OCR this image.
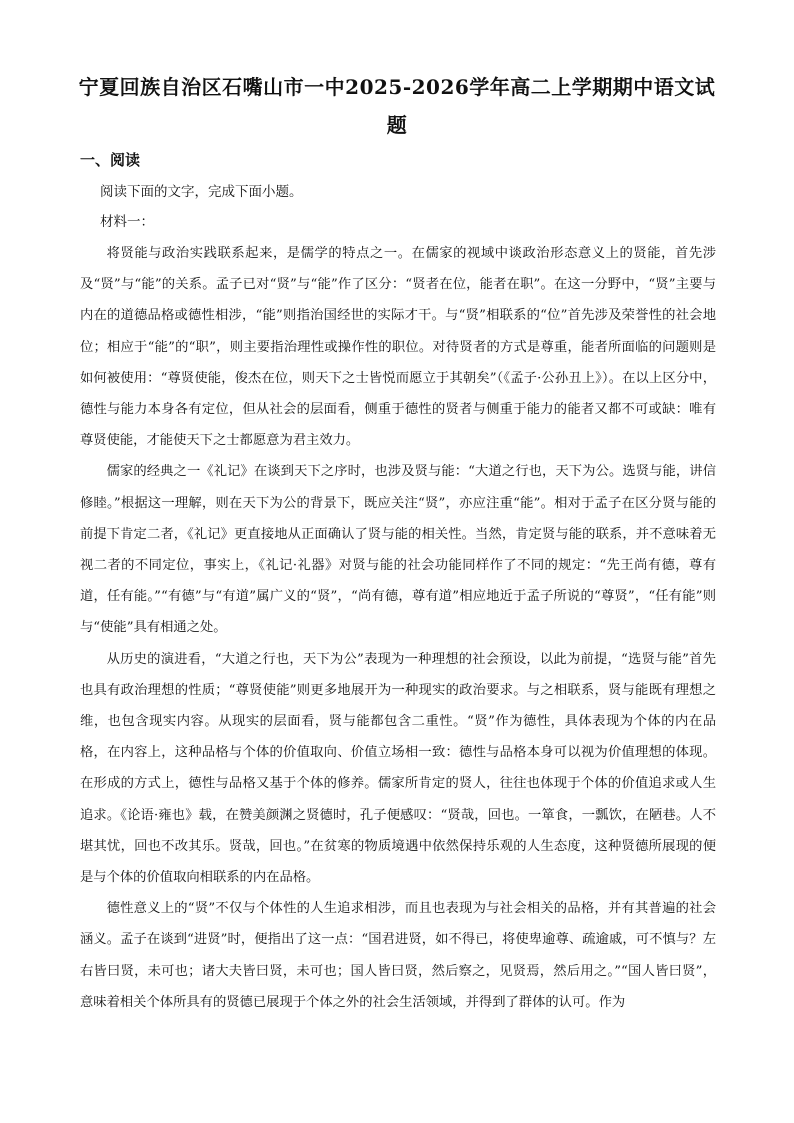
宁夏回族自治区石嘴山市一中2025-2026学年高二上学期期中语文试
题
一、阅读
阅读下面的文字，完成下面小题。
材料一：

将贤能与政治实践联系起来，是儒学的特点之一。在儒家的视域中谈政治形态意义上的贤能，首先涉及“贤”与“能”的关系。孟子已对“贤”与“能”作了区分：“贤者在位，能者在职”。在这一分野中，“贤”主要与内在的道德品格或德性相涉，“能”则指治国经世的实际才干。与“贤”相联系的“位”首先涉及荣誉性的社会地位；相应于“能”的“职”，则主要指治理性或操作性的职位。对待贤者的方式是尊重，能者所面临的问题则是如何被使用：“尊贤使能，俊杰在位，则天下之士皆悦而愿立于其朝矣”（《孟子·公孙丑上》）。在以上区分中，德性与能力本身各有定位，但从社会的层面看，侧重于德性的贤者与侧重于能力的能者又都不可或缺：唯有尊贤使能，才能使天下之士都愿意为君主效力。

儒家的经典之一《礼记》在谈到天下之序时，也涉及贤与能：“大道之行也，天下为公。选贤与能，讲信修睦。”根据这一理解，则在天下为公的背景下，既应关注“贤”，亦应注重“能”。相对于孟子在区分贤与能的前提下肯定二者，《礼记》更直接地从正面确认了贤与能的相关性。当然，肯定贤与能的联系，并不意味着无视二者的不同定位，事实上，《礼记·礼器》对贤与能的社会功能同样作了不同的规定：“先王尚有德，尊有道，任有能。”“有德”与“有道”属广义的“贤”，“尚有德，尊有道”相应地近于孟子所说的“尊贤”，“任有能”则与“使能”具有相通之处。

从历史的演进看，“大道之行也，天下为公”表现为一种理想的社会预设，以此为前提，“选贤与能”首先也具有政治理想的性质；“尊贤使能”则更多地展开为一种现实的政治要求。与之相联系，贤与能既有理想之维，也包含现实内容。从现实的层面看，贤与能都包含二重性。“贤”作为德性，具体表现为个体的内在品格，在内容上，这种品格与个体的价值取向、价值立场相一致：德性与品格本身可以视为价值理想的体现。在形成的方式上，德性与品格又基于个体的修养。儒家所肯定的贤人，往往也体现于个体的价值追求或人生追求。《论语·雍也》载，在赞美颜渊之贤德时，孔子便感叹：“贤哉，回也。一箪食，一瓢饮，在陋巷。人不堪其忧，回也不改其乐。贤哉，回也。”在贫寒的物质境遇中依然保持乐观的人生态度，这种贤德所展现的便是与个体的价值取向相联系的内在品格。

德性意义上的“贤”不仅与个体性的人生追求相涉，而且也表现为与社会相关的品格，并有其普遍的社会涵义。孟子在谈到“进贤”时，便指出了这一点：“国君进贤，如不得已，将使卑逾尊、疏逾戚，可不慎与？左右皆曰贤，未可也；诸大夫皆曰贤，未可也；国人皆曰贤，然后察之，见贤焉，然后用之。”“国人皆曰贤”，意味着相关个体所具有的贤德已展现于个体之外的社会生活领域，并得到了群体的认可。作为
